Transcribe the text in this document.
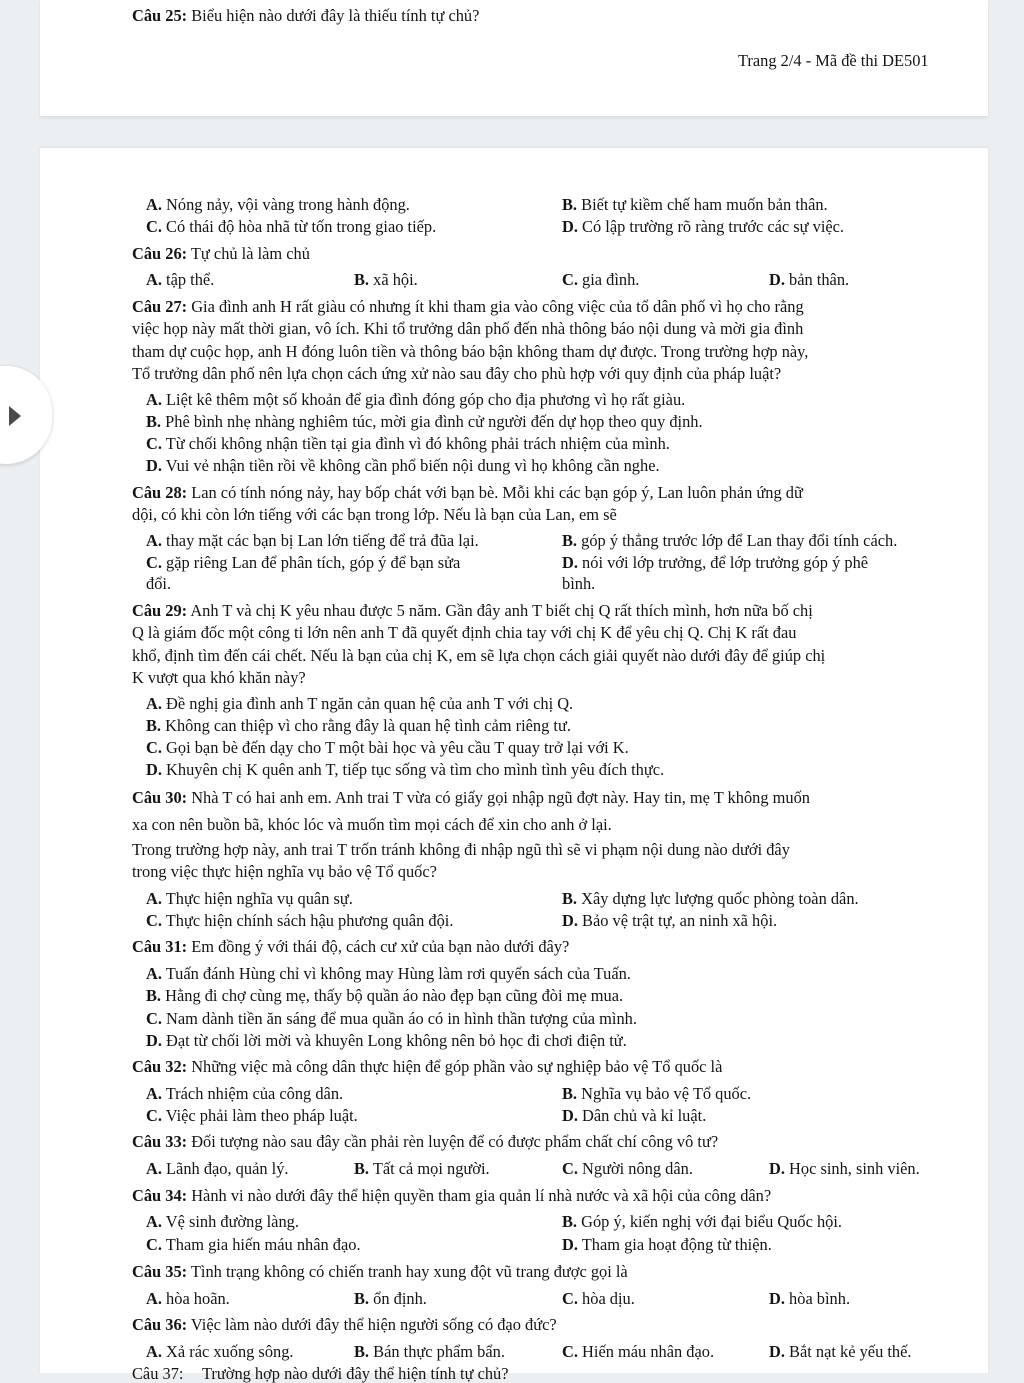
Câu 25: Biểu hiện nào dưới đây là thiếu tính tự chủ?
Trang 2/4 - Mã đề thi DE501
A. Nóng nảy, vội vàng trong hành động.	B. Biết tự kiềm chế ham muốn bản thân.
C. Có thái độ hòa nhã từ tốn trong giao tiếp.	D. Có lập trường rõ ràng trước các sự việc.
Câu 26: Tự chủ là làm chủ
A. tập thể.	B. xã hội.	C. gia đình.	D. bản thân.
Câu 27: Gia đình anh H rất giàu có nhưng ít khi tham gia vào công việc của tổ dân phố vì họ cho rằng
việc họp này mất thời gian, vô ích. Khi tổ trưởng dân phố đến nhà thông báo nội dung và mời gia đình
tham dự cuộc họp, anh H đóng luôn tiền và thông báo bận không tham dự được. Trong trường hợp này,
Tổ trưởng dân phố nên lựa chọn cách ứng xử nào sau đây cho phù hợp với quy định của pháp luật?
A. Liệt kê thêm một số khoản để gia đình đóng góp cho địa phương vì họ rất giàu.
B. Phê bình nhẹ nhàng nghiêm túc, mời gia đình cử người đến dự họp theo quy định.
C. Từ chối không nhận tiền tại gia đình vì đó không phải trách nhiệm của mình.
D. Vui vẻ nhận tiền rồi về không cần phổ biến nội dung vì họ không cần nghe.
Câu 28: Lan có tính nóng nảy, hay bốp chát với bạn bè. Mỗi khi các bạn góp ý, Lan luôn phản ứng dữ
dội, có khi còn lớn tiếng với các bạn trong lớp. Nếu là bạn của Lan, em sẽ
A. thay mặt các bạn bị Lan lớn tiếng để trả đũa lại.	B. góp ý thẳng trước lớp để Lan thay đổi tính cách.
C. gặp riêng Lan để phân tích, góp ý để bạn sửa	D. nói với lớp trưởng, để lớp trưởng góp ý phê
đổi.	bình.
Câu 29: Anh T và chị K yêu nhau được 5 năm. Gần đây anh T biết chị Q rất thích mình, hơn nữa bố chị
Q là giám đốc một công ti lớn nên anh T đã quyết định chia tay với chị K để yêu chị Q. Chị K rất đau
khổ, định tìm đến cái chết. Nếu là bạn của chị K, em sẽ lựa chọn cách giải quyết nào dưới đây để giúp chị
K vượt qua khó khăn này?
A. Đề nghị gia đình anh T ngăn cản quan hệ của anh T với chị Q.
B. Không can thiệp vì cho rằng đây là quan hệ tình cảm riêng tư.
C. Gọi bạn bè đến dạy cho T một bài học và yêu cầu T quay trở lại với K.
D. Khuyên chị K quên anh T, tiếp tục sống và tìm cho mình tình yêu đích thực.
Câu 30: Nhà T có hai anh em. Anh trai T vừa có giấy gọi nhập ngũ đợt này. Hay tin, mẹ T không muốn
xa con nên buồn bã, khóc lóc và muốn tìm mọi cách để xin cho anh ở lại.
Trong trường hợp này, anh trai T trốn tránh không đi nhập ngũ thì sẽ vi phạm nội dung nào dưới đây
trong việc thực hiện nghĩa vụ bảo vệ Tổ quốc?
A. Thực hiện nghĩa vụ quân sự.	B. Xây dựng lực lượng quốc phòng toàn dân.
C. Thực hiện chính sách hậu phương quân đội.	D. Bảo vệ trật tự, an ninh xã hội.
Câu 31: Em đồng ý với thái độ, cách cư xử của bạn nào dưới đây?
A. Tuấn đánh Hùng chỉ vì không may Hùng làm rơi quyển sách của Tuấn.
B. Hằng đi chợ cùng mẹ, thấy bộ quần áo nào đẹp bạn cũng đòi mẹ mua.
C. Nam dành tiền ăn sáng để mua quần áo có in hình thần tượng của mình.
D. Đạt từ chối lời mời và khuyên Long không nên bỏ học đi chơi điện tử.
Câu 32: Những việc mà công dân thực hiện để góp phần vào sự nghiệp bảo vệ Tổ quốc là
A. Trách nhiệm của công dân.	B. Nghĩa vụ bảo vệ Tổ quốc.
C. Việc phải làm theo pháp luật.	D. Dân chủ và kỉ luật.
Câu 33: Đối tượng nào sau đây cần phải rèn luyện để có được phẩm chất chí công vô tư?
A. Lãnh đạo, quản lý.	B. Tất cả mọi người.	C. Người nông dân.	D. Học sinh, sinh viên.
Câu 34: Hành vi nào dưới đây thể hiện quyền tham gia quản lí nhà nước và xã hội của công dân?
A. Vệ sinh đường làng.	B. Góp ý, kiến nghị với đại biểu Quốc hội.
C. Tham gia hiến máu nhân đạo.	D. Tham gia hoạt động từ thiện.
Câu 35: Tình trạng không có chiến tranh hay xung đột vũ trang được gọi là
A. hòa hoãn.	B. ổn định.	C. hòa dịu.	D. hòa bình.
Câu 36: Việc làm nào dưới đây thể hiện người sống có đạo đức?
A. Xả rác xuống sông.	B. Bán thực phẩm bẩn.	C. Hiến máu nhân đạo.	D. Bắt nạt kẻ yếu thế.
Câu 37: Trường hợp nào dưới đây thể hiện tính tự chủ?
